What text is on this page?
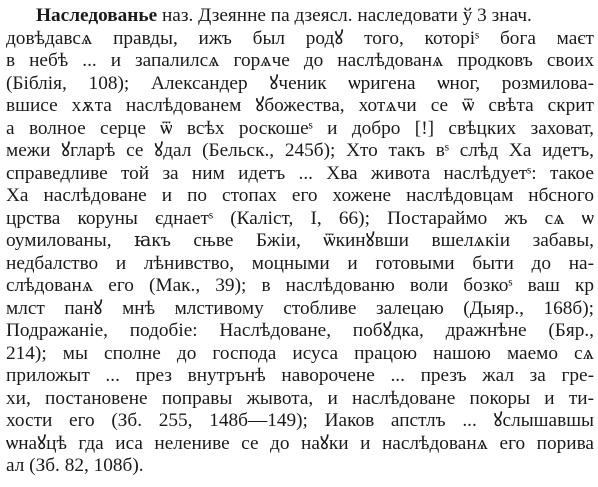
Наследованье наз. Дзеянне па дзеясл. наследовати ў 3 знач.
довѣдавсѧ правды, ижъ был родꙋ того, которiˢ бога маєт
в небѣ ... и запалилсѧ горѧче до наслѣдованѧ продковъ своих
(Біблія, 108); Александер ꙋченик ѡригена ѡног, розмилова-
вшисе хѫта наслѣдованем ꙋбожества, хотѧчи се ѿ свѣта скрит
а волное серце ѿ всѣх роскошеˢ и добро [!] свѣцких заховат,
межи ꙋгларѣ се ꙋдал (Бельск., 245б); Хто такъ вˢ слѣд Ха идетъ,
справедливе той за ним идетъ ... Хва живота наслѣдуетˢ: такое
Ха наслѣдоване и по стопах его хожене наслѣдовцам нбсного
црства коруны єднаетˢ (Каліст, I, 66); Постараймо жъ сѧ ѡ
оумилованы, ꙗкъ сњве Бжіи, ѿкинꙋвши вшелѧкіи забавы,
недбалство и лѣнивство, моцными и готовыми быти до на-
слѣдованѧ его (Мак., 39); в наслѣдованю воли бозкоˢ ваш кр
млст панꙋ мнѣ млстивому стобливе залецаю (Дыяр., 168б);
Подражаніе, подобіе: Наслѣдоване, побꙋдка, дражнѣне (Бяр.,
214); мы сполне до господа исуса працою нашою маемо сѧ
приложыт ... през внутрънѣ наворочене ... презъ жал за гре-
хи, постановене поправы жывота, и наслѣдоване покоры и ти-
хости его (Зб. 255, 148б—149); Иаков апстлъ ... ꙋслышавшы
ѡнаꙋцѣ гда иса нелениве се до наꙋки и наслѣдованѧ его порива
ал (Зб. 82, 108б).
